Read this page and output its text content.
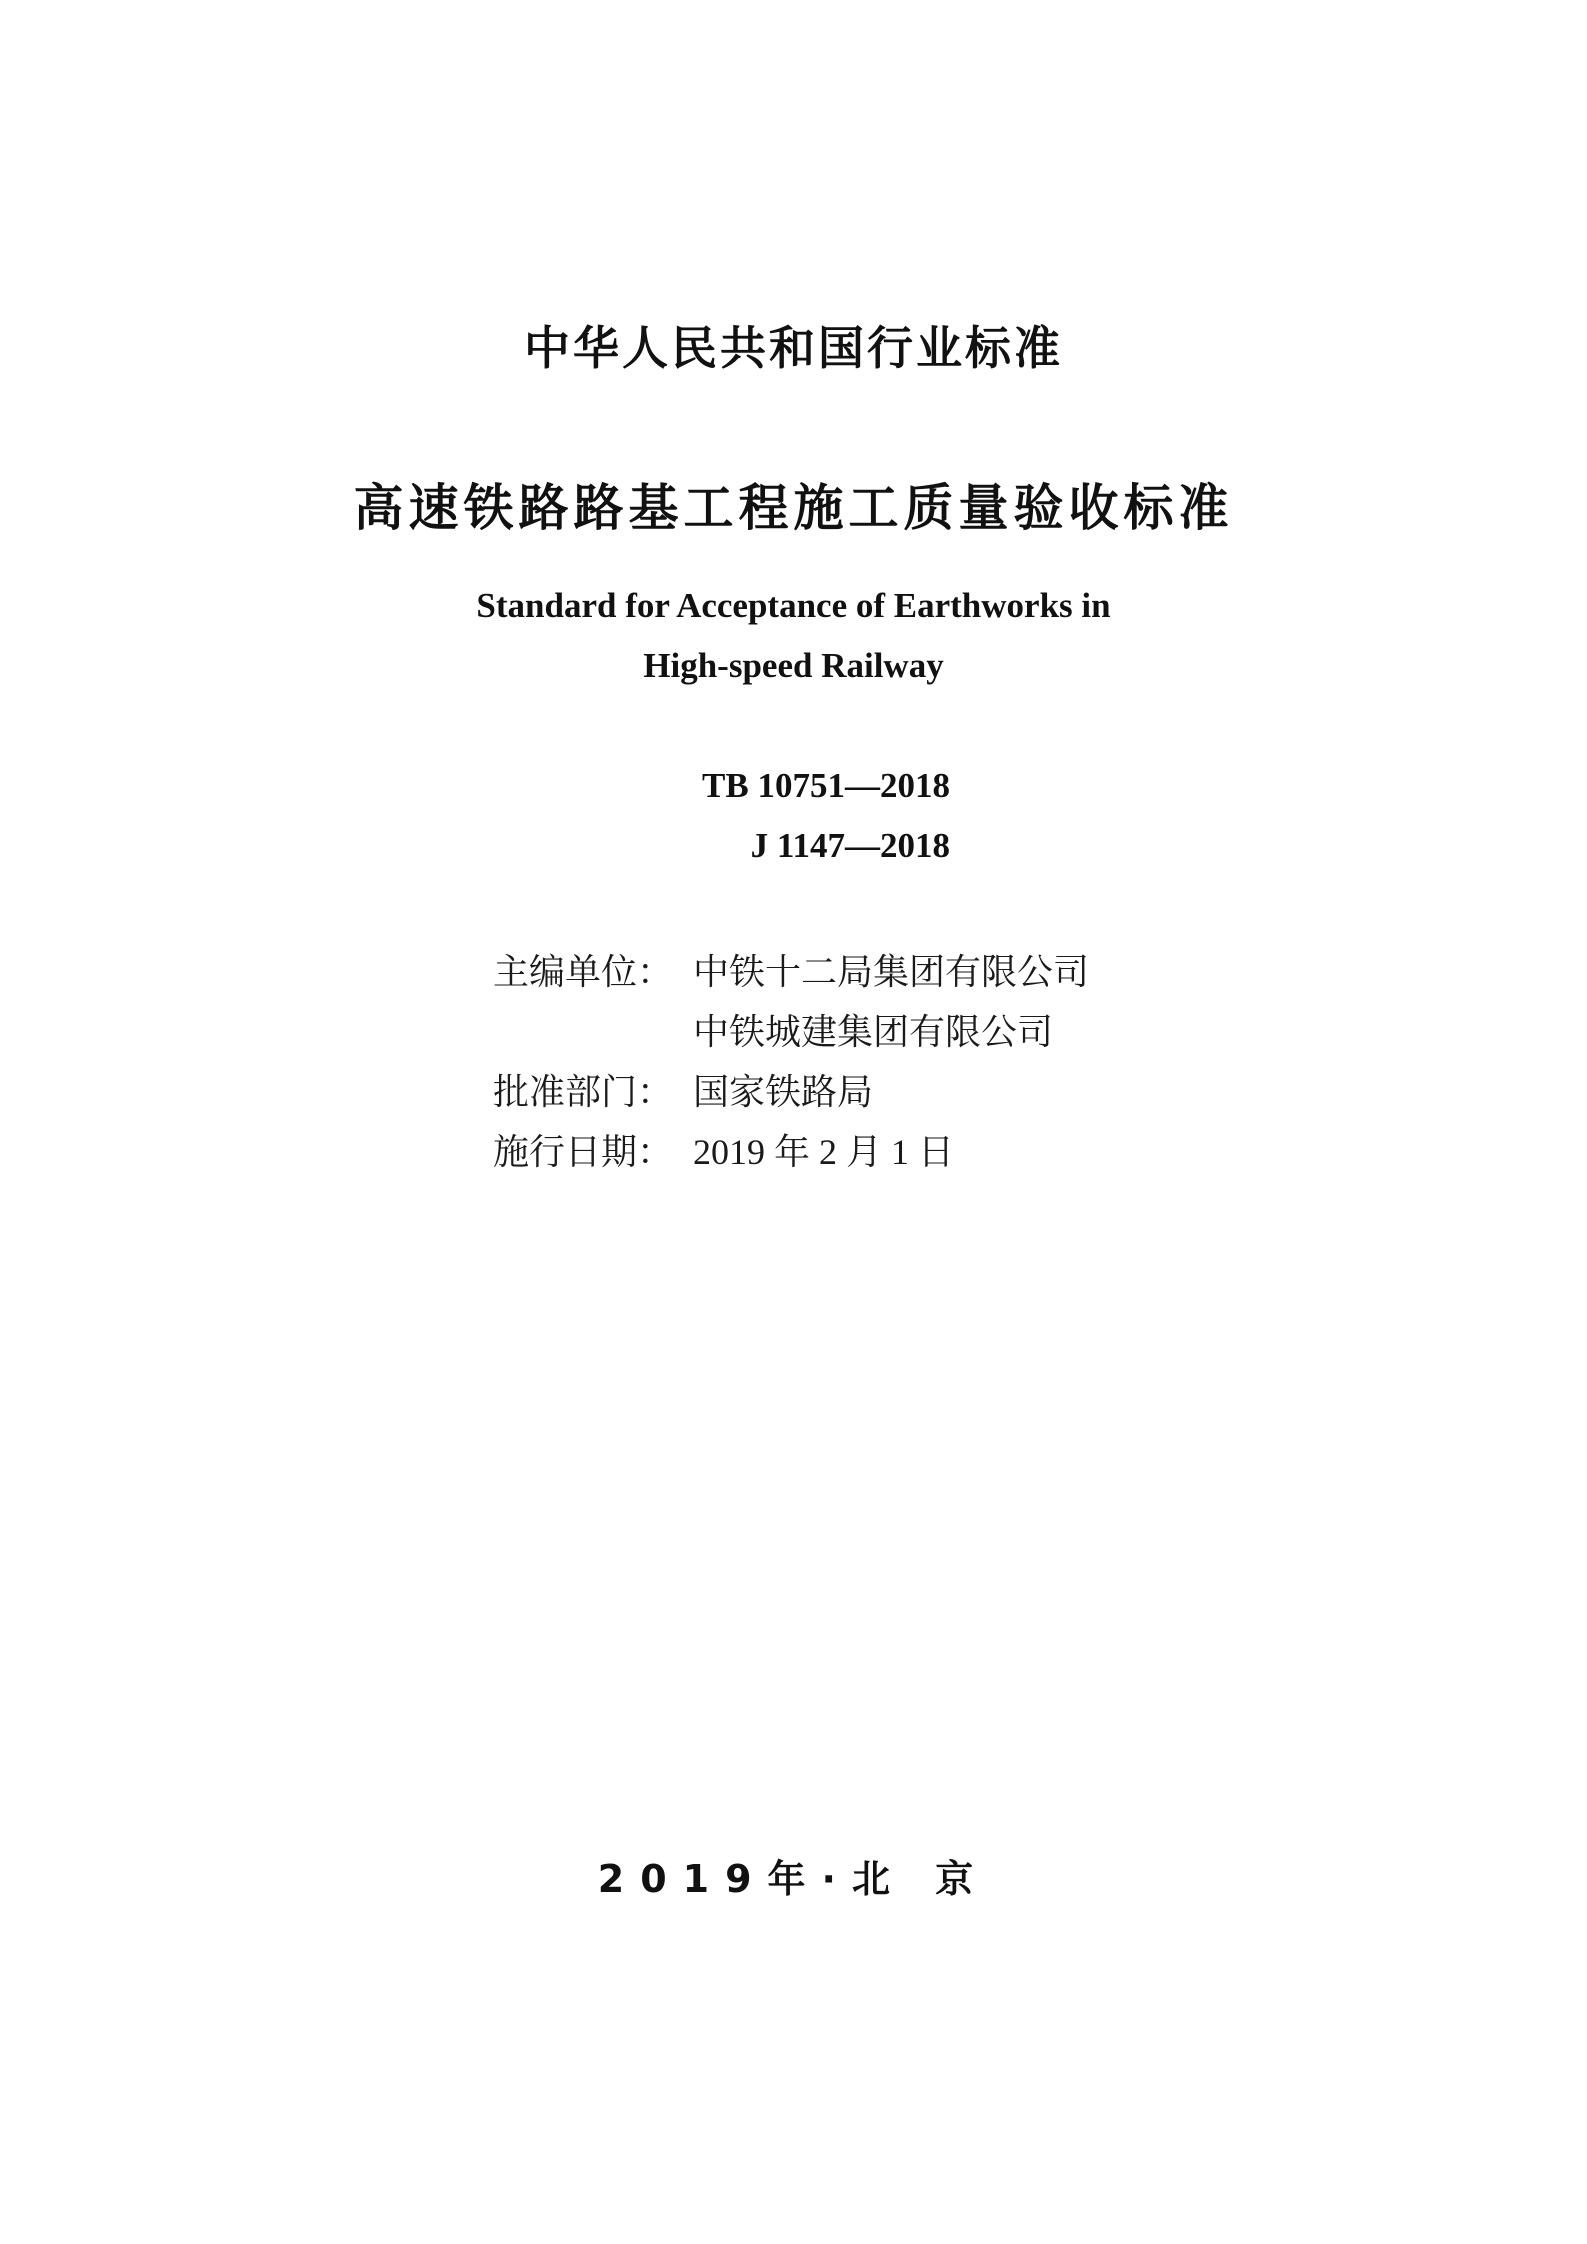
中华人民共和国行业标准
高速铁路路基工程施工质量验收标准
Standard for Acceptance of Earthworks in
High-speed Railway
TB 10751—2018
J 1147—2018
主编单位： 中铁十二局集团有限公司
中铁城建集团有限公司
批准部门： 国家铁路局
施行日期： 2019 年 2 月 1 日
2019年·北 京
